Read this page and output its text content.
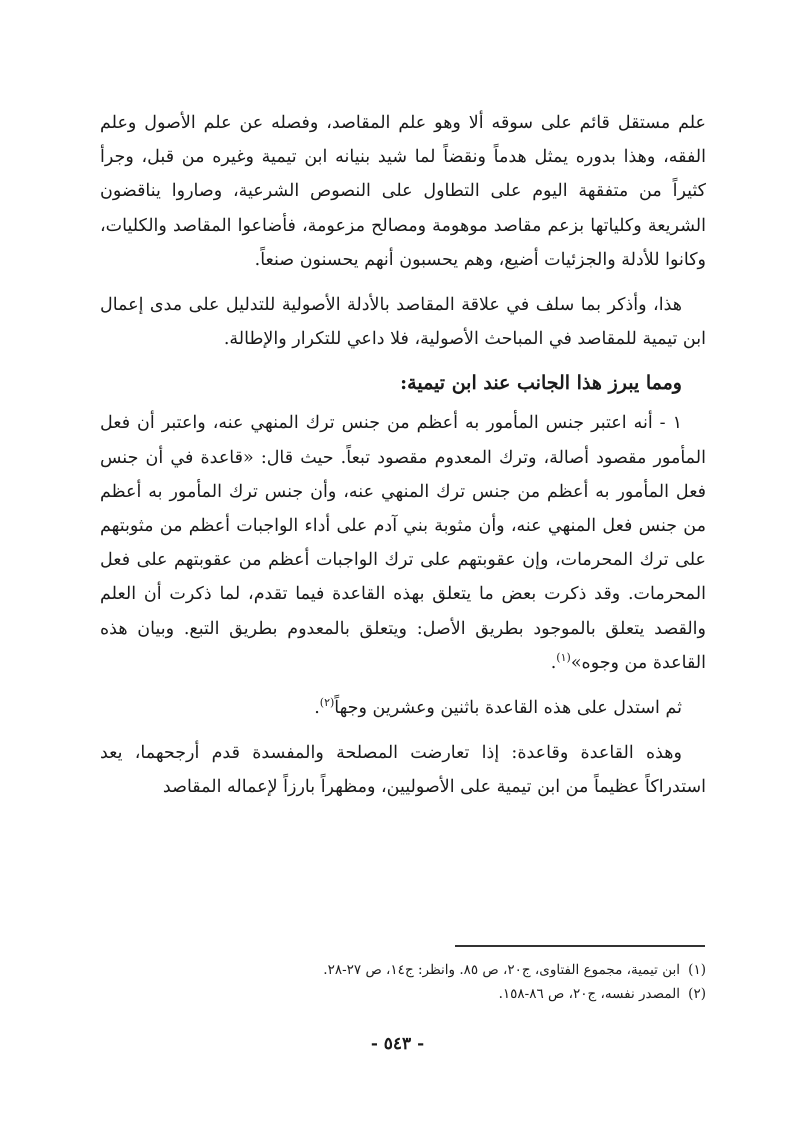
علم مستقل قائم على سوقه ألا وهو علم المقاصد، وفصله عن علم الأصول وعلم الفقه، وهذا بدوره يمثل هدماً ونقضاً لما شيد بنيانه ابن تيمية وغيره من قبل، وجرأ كثيراً من متفقهة اليوم على التطاول على النصوص الشرعية، وصاروا يناقضون الشريعة وكلياتها بزعم مقاصد موهومة ومصالح مزعومة، فأضاعوا المقاصد والكليات، وكانوا للأدلة والجزئيات أضيع، وهم يحسبون أنهم يحسنون صنعاً.

هذا، وأذكر بما سلف في علاقة المقاصد بالأدلة الأصولية للتدليل على مدى إعمال ابن تيمية للمقاصد في المباحث الأصولية، فلا داعي للتكرار والإطالة.

ومما يبرز هذا الجانب عند ابن تيمية:

١ - أنه اعتبر جنس المأمور به أعظم من جنس ترك المنهي عنه، واعتبر أن فعل المأمور مقصود أصالة، وترك المعدوم مقصود تبعاً. حيث قال: «قاعدة في أن جنس فعل المأمور به أعظم من جنس ترك المنهي عنه، وأن جنس ترك المأمور به أعظم من جنس فعل المنهي عنه، وأن مثوبة بني آدم على أداء الواجبات أعظم من مثوبتهم على ترك المحرمات، وإن عقوبتهم على ترك الواجبات أعظم من عقوبتهم على فعل المحرمات. وقد ذكرت بعض ما يتعلق بهذه القاعدة فيما تقدم، لما ذكرت أن العلم والقصد يتعلق بالموجود بطريق الأصل: ويتعلق بالمعدوم بطريق التبع. وبيان هذه القاعدة من وجوه»$^{(١)}$.

ثم استدل على هذه القاعدة باثنين وعشرين وجهاً$^{(٢)}$.

وهذه القاعدة وقاعدة: إذا تعارضت المصلحة والمفسدة قدم أرجحهما، يعد استدراكاً عظيماً من ابن تيمية على الأصوليين، ومظهراً بارزاً لإعماله المقاصد

(١)ابن تيمية، مجموع الفتاوى، ج٢٠، ص ٨٥. وانظر: ج١٤، ص ٢٧-٢٨.

(٢)المصدر نفسه، ج٢٠، ص ٨٦-١٥٨.

- ٥٤٣ -
